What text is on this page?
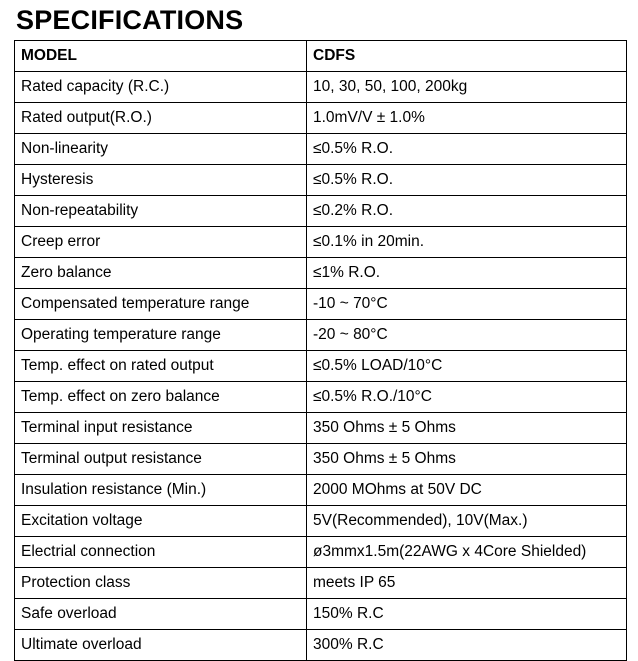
SPECIFICATIONS
MODEL	CDFS
Rated capacity (R.C.)	10, 30, 50, 100, 200kg
Rated output(R.O.)	1.0mV/V ± 1.0%
Non-linearity	≤0.5% R.O.
Hysteresis	≤0.5% R.O.
Non-repeatability	≤0.2% R.O.
Creep error	≤0.1% in 20min.
Zero balance	≤1% R.O.
Compensated temperature range	-10 ~ 70°C
Operating temperature range	-20 ~ 80°C
Temp. effect on rated output	≤0.5% LOAD/10°C
Temp. effect on zero balance	≤0.5% R.O./10°C
Terminal input resistance	350 Ohms ± 5 Ohms
Terminal output resistance	350 Ohms ± 5 Ohms
Insulation resistance (Min.)	2000 MOhms at 50V DC
Excitation voltage	5V(Recommended), 10V(Max.)
Electrial connection	ø3mmx1.5m(22AWG x 4Core Shielded)
Protection class	meets IP 65
Safe overload	150% R.C
Ultimate overload	300% R.C
